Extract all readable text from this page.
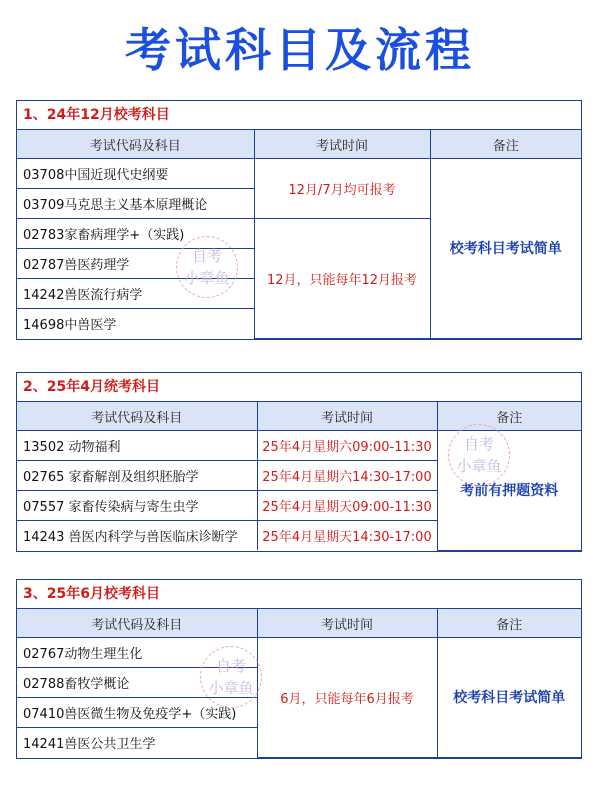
考试科目及流程
1、24年12月校考科目
考试代码及科目	考试时间	备注
03708中国近现代史纲要	12月/7月均可报考	校考科目考试简单
03709马克思主义基本原理概论		
02783家畜病理学+（实践)	12月，只能每年12月报考	
02787兽医药理学		
14242兽医流行病学		
14698中兽医学		
2、25年4月统考科目
考试代码及科目	考试时间	备注
13502 动物福利	25年4月星期六09:00-11:30	考前有押题资料
02765 家畜解剖及组织胚胎学	25年4月星期六14:30-17:00	
07557 家畜传染病与寄生虫学	25年4月星期天09:00-11:30	
14243 兽医内科学与兽医临床诊断学	25年4月星期天14:30-17:00	
3、25年6月校考科目
考试代码及科目	考试时间	备注
02767动物生理生化	6月，只能每年6月报考	校考科目考试简单
02788畜牧学概论		
07410兽医微生物及免疫学+（实践)		
14241兽医公共卫生学		
自考
小章鱼
自考
小章鱼
自考
小章鱼
